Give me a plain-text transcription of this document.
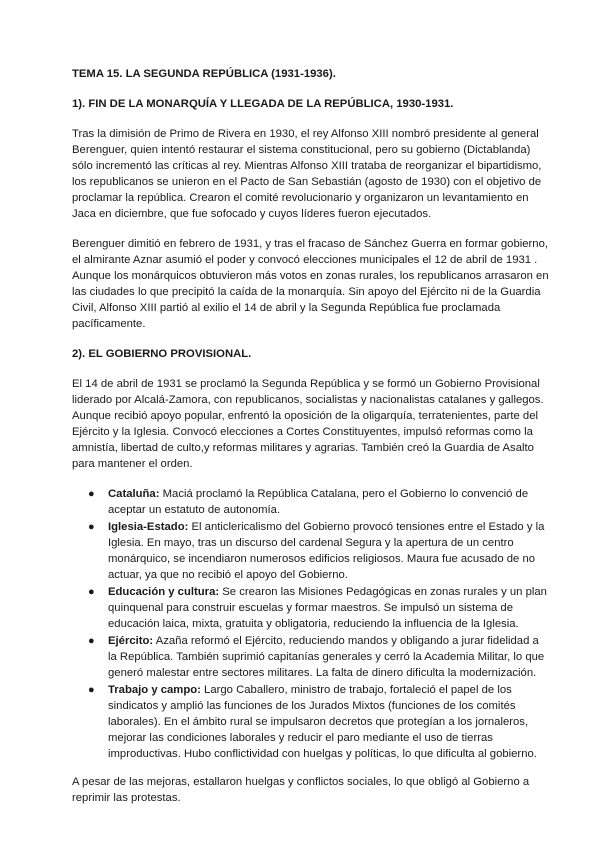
TEMA 15. LA SEGUNDA REPÚBLICA (1931-1936).
1). FIN DE LA MONARQUÍA Y LLEGADA DE LA REPÚBLICA, 1930-1931.

Tras la dimisión de Primo de Rivera en 1930, el rey Alfonso XIII nombró presidente al general Berenguer, quien intentó restaurar el sistema constitucional, pero su gobierno (Dictablanda) sólo incrementó las críticas al rey. Mientras Alfonso XIII trataba de reorganizar el bipartidismo, los republicanos se unieron en el Pacto de San Sebastián (agosto de 1930) con el objetivo de proclamar la república. Crearon el comité revolucionario y organizaron un levantamiento en Jaca en diciembre, que fue sofocado y cuyos líderes fueron ejecutados.

Berenguer dimitió en febrero de 1931, y tras el fracaso de Sánchez Guerra en formar gobierno, el almirante Aznar asumió el poder y convocó elecciones municipales el 12 de abril de 1931 . Aunque los monárquicos obtuvieron más votos en zonas rurales, los republicanos arrasaron en las ciudades lo que precipitó la caída de la monarquía. Sin apoyo del Ejército ni de la Guardia Civil, Alfonso XIII partió al exilio el 14 de abril y la Segunda República fue proclamada pacíficamente.

2). EL GOBIERNO PROVISIONAL.

El 14 de abril de 1931 se proclamó la Segunda República y se formó un Gobierno Provisional liderado por Alcalá-Zamora, con republicanos, socialistas y nacionalistas catalanes y gallegos. Aunque recibió apoyo popular, enfrentó la oposición de la oligarquía, terratenientes, parte del Ejército y la Iglesia. Convocó elecciones a Cortes Constituyentes, impulsó reformas como la amnistía, libertad de culto,y reformas militares y agrarias. También creó la Guardia de Asalto para mantener el orden.

● Cataluña: Maciá proclamó la República Catalana, pero el Gobierno lo convenció de aceptar un estatuto de autonomía.
● Iglesia-Estado: El anticlericalismo del Gobierno provocó tensiones entre el Estado y la Iglesia. En mayo, tras un discurso del cardenal Segura y la apertura de un centro monárquico, se incendiaron numerosos edificios religiosos. Maura fue acusado de no actuar, ya que no recibió el apoyo del Gobierno.
● Educación y cultura: Se crearon las Misiones Pedagógicas en zonas rurales y un plan quinquenal para construir escuelas y formar maestros. Se impulsó un sistema de educación laica, mixta, gratuita y obligatoria, reduciendo la influencia de la Iglesia.
● Ejército: Azaña reformó el Ejército, reduciendo mandos y obligando a jurar fidelidad a la República. También suprimió capitanías generales y cerró la Academia Militar, lo que generó malestar entre sectores militares. La falta de dinero dificulta la modernización.
● Trabajo y campo: Largo Caballero, ministro de trabajo, fortaleció el papel de los sindicatos y amplió las funciones de los Jurados Mixtos (funciones de los comités laborales). En el ámbito rural se impulsaron decretos que protegían a los jornaleros, mejorar las condiciones laborales y reducir el paro mediante el uso de tierras improductivas. Hubo conflictividad con huelgas y políticas, lo que dificulta al gobierno.

A pesar de las mejoras, estallaron huelgas y conflictos sociales, lo que obligó al Gobierno a reprimir las protestas.
